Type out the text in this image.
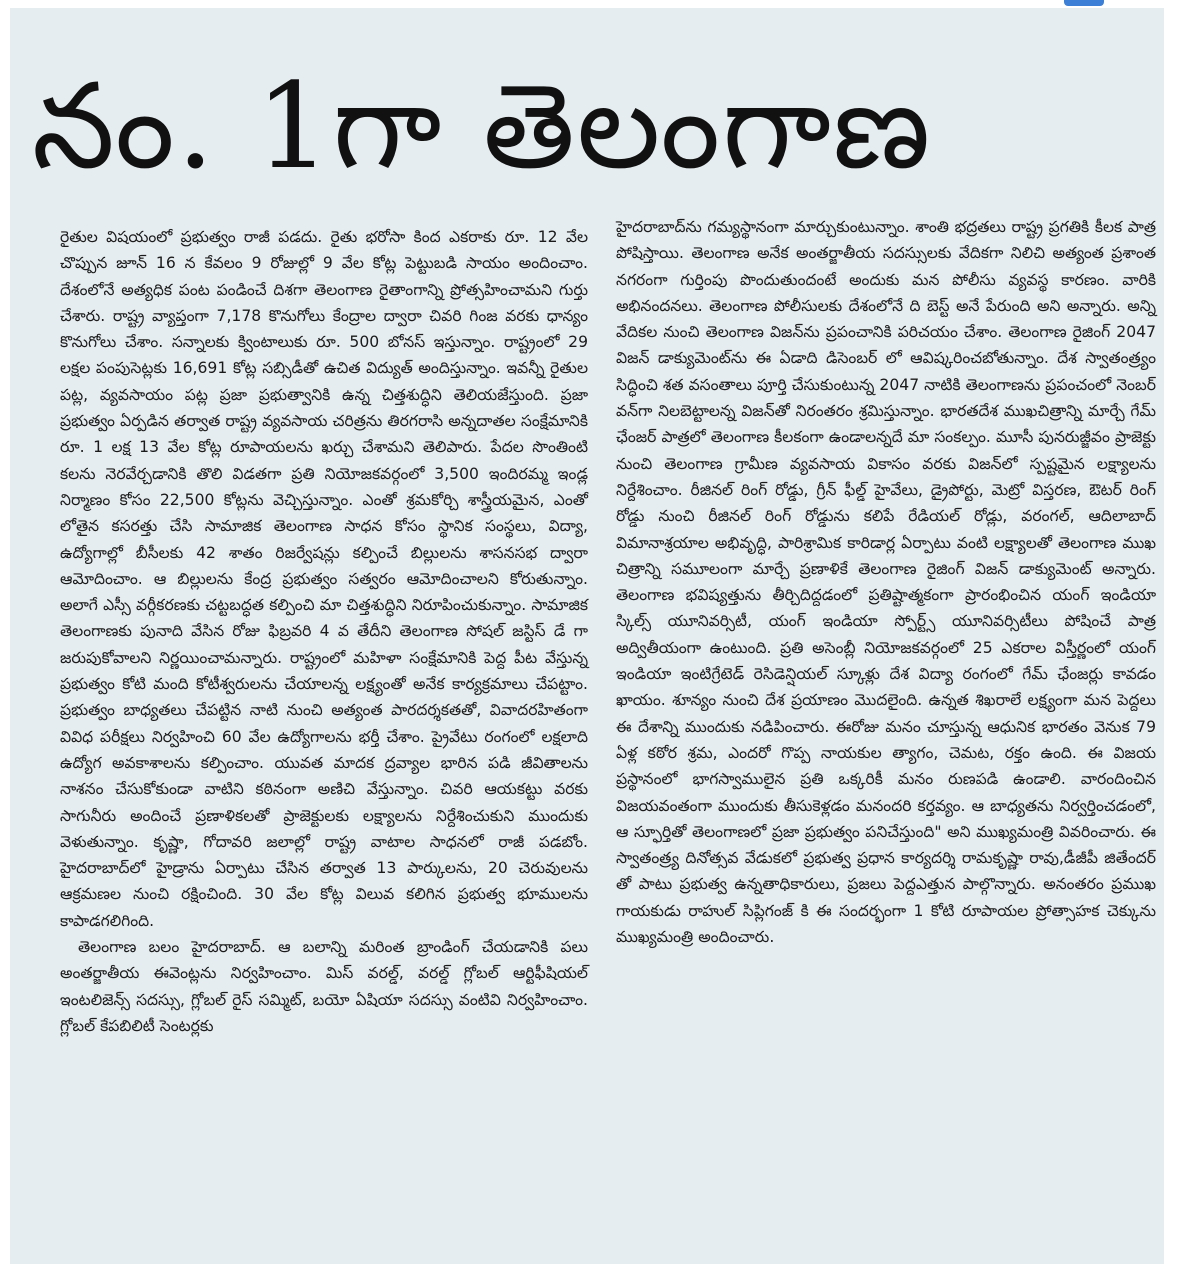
నం. 1గా తెలంగాణ

రైతుల విషయంలో ప్రభుత్వం రాజీ పడదు. రైతు భరోసా కింద ఎకరాకు రూ. 12 వేల చొప్పున జూన్ 16 న కేవలం 9 రోజుల్లో 9 వేల కోట్ల పెట్టుబడి సాయం అందించాం. దేశంలోనే అత్యధిక పంట పండించే దిశగా తెలంగాణ రైతాంగాన్ని ప్రోత్సహించామని గుర్తు చేశారు. రాష్ట్ర వ్యాప్తంగా 7,178 కొనుగోలు కేంద్రాల ద్వారా చివరి గింజ వరకు ధాన్యం కొనుగోలు చేశాం. సన్నాలకు క్వింటాలుకు రూ. 500 బోనస్ ఇస్తున్నాం. రాష్ట్రంలో 29 లక్షల పంపుసెట్లకు 16,691 కోట్ల సబ్సిడీతో ఉచిత విద్యుత్ అందిస్తున్నాం. ఇవన్నీ రైతుల పట్ల, వ్యవసాయం పట్ల ప్రజా ప్రభుత్వానికి ఉన్న చిత్తశుద్ధిని తెలియజేస్తుంది. ప్రజా ప్రభుత్వం ఏర్పడిన తర్వాత రాష్ట్ర వ్యవసాయ చరిత్రను తిరగరాసి అన్నదాతల సంక్షేమానికి రూ. 1 లక్ష 13 వేల కోట్ల రూపాయలను ఖర్చు చేశామని తెలిపారు. పేదల సొంతింటి కలను నెరవేర్చడానికి తొలి విడతగా ప్రతి నియోజకవర్గంలో 3,500 ఇందిరమ్మ ఇండ్ల నిర్మాణం కోసం 22,500 కోట్లను వెచ్చిస్తున్నాం. ఎంతో శ్రమకోర్చి శాస్త్రీయమైన, ఎంతో లోతైన కసరత్తు చేసి సామాజిక తెలంగాణ సాధన కోసం స్థానిక సంస్థలు, విద్యా, ఉద్యోగాల్లో బీసీలకు 42 శాతం రిజర్వేషన్లు కల్పించే బిల్లులను శాసనసభ ద్వారా ఆమోదించాం. ఆ బిల్లులను కేంద్ర ప్రభుత్వం సత్వరం ఆమోదించాలని కోరుతున్నాం. అలాగే ఎస్సీ వర్గీకరణకు చట్టబద్ధత కల్పించి మా చిత్తశుద్ధిని నిరూపించుకున్నాం. సామాజిక తెలంగాణకు పునాది వేసిన రోజు ఫిబ్రవరి 4 వ తేదీని తెలంగాణ సోషల్ జస్టిస్ డే గా జరుపుకోవాలని నిర్ణయించామన్నారు. రాష్ట్రంలో మహిళా సంక్షేమానికి పెద్ద పీట వేస్తున్న ప్రభుత్వం కోటి మంది కోటీశ్వరులను చేయాలన్న లక్ష్యంతో అనేక కార్యక్రమాలు చేపట్టాం. ప్రభుత్వం బాధ్యతలు చేపట్టిన నాటి నుంచి అత్యంత పారదర్శకతతో, వివాదరహితంగా వివిధ పరీక్షలు నిర్వహించి 60 వేల ఉద్యోగాలను భర్తీ చేశాం. ప్రైవేటు రంగంలో లక్షలాది ఉద్యోగ అవకాశాలను కల్పించాం. యువత మాదక ద్రవ్యాల భారిన పడి జీవితాలను నాశనం చేసుకోకుండా వాటిని కఠినంగా అణిచి వేస్తున్నాం. చివరి ఆయకట్టు వరకు సాగునీరు అందించే ప్రణాళికలతో ప్రాజెక్టులకు లక్ష్యాలను నిర్దేశించుకుని ముందుకు వెళుతున్నాం. కృష్ణా, గోదావరి జలాల్లో రాష్ట్ర వాటాల సాధనలో రాజీ పడబోం. హైదరాబాద్‌లో హైడ్రాను ఏర్పాటు చేసిన తర్వాత 13 పార్కులను, 20 చెరువులను ఆక్రమణల నుంచి రక్షించింది. 30 వేల కోట్ల విలువ కలిగిన ప్రభుత్వ భూములను కాపాడగలిగింది.

తెలంగాణ బలం హైదరాబాద్. ఆ బలాన్ని మరింత బ్రాండింగ్ చేయడానికి పలు అంతర్జాతీయ ఈవెంట్లను నిర్వహించాం. మిస్ వరల్డ్, వరల్డ్ గ్లోబల్ ఆర్టిఫీషియల్ ఇంటలిజెన్స్ సదస్సు, గ్లోబల్ రైస్ సమ్మిట్, బయో ఏషియా సదస్సు వంటివి నిర్వహించాం. గ్లోబల్ కేపబిలిటీ సెంటర్లకు

హైదరాబాద్‌ను గమ్యస్థానంగా మార్చుకుంటున్నాం. శాంతి భద్రతలు రాష్ట్ర ప్రగతికి కీలక పాత్ర పోషిస్తాయి. తెలంగాణ అనేక అంతర్జాతీయ సదస్సులకు వేదికగా నిలిచి అత్యంత ప్రశాంత నగరంగా గుర్తింపు పొందుతుందంటే అందుకు మన పోలీసు వ్యవస్థ కారణం. వారికి అభినందనలు. తెలంగాణ పోలీసులకు దేశంలోనే ది బెస్ట్ అనే పేరుంది అని అన్నారు. అన్ని వేదికల నుంచి తెలంగాణ విజన్‌ను ప్రపంచానికి పరిచయం చేశాం. తెలంగాణ రైజింగ్ 2047 విజన్ డాక్యుమెంట్‌ను ఈ ఏడాది డిసెంబర్ లో ఆవిష్కరించబోతున్నాం. దేశ స్వాతంత్ర్యం సిద్ధించి శత వసంతాలు పూర్తి చేసుకుంటున్న 2047 నాటికి తెలంగాణను ప్రపంచంలో నెంబర్ వన్‌గా నిలబెట్టాలన్న విజన్‌తో నిరంతరం శ్రమిస్తున్నాం. భారతదేశ ముఖచిత్రాన్ని మార్చే గేమ్ ఛేంజర్ పాత్రలో తెలంగాణ కీలకంగా ఉండాలన్నదే మా సంకల్పం. మూసీ పునరుజ్జీవం ప్రాజెక్టు నుంచి తెలంగాణ గ్రామీణ వ్యవసాయ వికాసం వరకు విజన్‌లో స్పష్టమైన లక్ష్యాలను నిర్దేశించాం. రీజినల్ రింగ్ రోడ్డు, గ్రీన్ ఫీల్డ్ హైవేలు, డ్రైపోర్టు, మెట్రో విస్తరణ, ఔటర్ రింగ్ రోడ్డు నుంచి రీజినల్ రింగ్ రోడ్డును కలిపే రేడియల్ రోడ్లు, వరంగల్, ఆదిలాబాద్ విమానాశ్రయాల అభివృద్ధి, పారిశ్రామిక కారిడార్ల ఏర్పాటు వంటి లక్ష్యాలతో తెలంగాణ ముఖ చిత్రాన్ని సమూలంగా మార్చే ప్రణాళికే తెలంగాణ రైజింగ్ విజన్ డాక్యుమెంట్ అన్నారు. తెలంగాణ భవిష్యత్తును తీర్చిదిద్దడంలో ప్రతిష్టాత్మకంగా ప్రారంభించిన యంగ్ ఇండియా స్కిల్స్ యూనివర్సిటీ, యంగ్ ఇండియా స్పోర్ట్స్ యూనివర్సిటీలు పోషించే పాత్ర అద్వితీయంగా ఉంటుంది. ప్రతి అసెంబ్లీ నియోజకవర్గంలో 25 ఎకరాల విస్తీర్ణంలో యంగ్ ఇండియా ఇంటిగ్రేటెడ్ రెసిడెన్షియల్ స్కూళ్లు దేశ విద్యా రంగంలో గేమ్ ఛేంజర్లు కావడం ఖాయం. శూన్యం నుంచి దేశ ప్రయాణం మొదలైంది. ఉన్నత శిఖరాలే లక్ష్యంగా మన పెద్దలు ఈ దేశాన్ని ముందుకు నడిపించారు. ఈరోజు మనం చూస్తున్న ఆధునిక భారతం వెనుక 79 ఏళ్ల కఠోర శ్రమ, ఎందరో గొప్ప నాయకుల త్యాగం, చెమట, రక్తం ఉంది. ఈ విజయ ప్రస్థానంలో భాగస్వాములైన ప్రతి ఒక్కరికీ మనం రుణపడి ఉండాలి. వారందించిన విజయవంతంగా ముందుకు తీసుకెళ్లడం మనందరి కర్తవ్యం. ఆ బాధ్యతను నిర్వర్తించడంలో, ఆ స్ఫూర్తితో తెలంగాణలో ప్రజా ప్రభుత్వం పనిచేస్తుంది" అని ముఖ్యమంత్రి వివరించారు. ఈ స్వాతంత్ర్య దినోత్సవ వేడుకలో ప్రభుత్వ ప్రధాన కార్యదర్శి రామకృష్ణా రావు,డీజీపీ జితేందర్ తో పాటు ప్రభుత్వ ఉన్నతాధికారులు, ప్రజలు పెద్దఎత్తున పాల్గొన్నారు. అనంతరం ప్రముఖ గాయకుడు రాహుల్ సిప్లిగంజ్ కి ఈ సందర్భంగా 1 కోటి రూపాయల ప్రోత్సాహక చెక్కును ముఖ్యమంత్రి అందించారు.
